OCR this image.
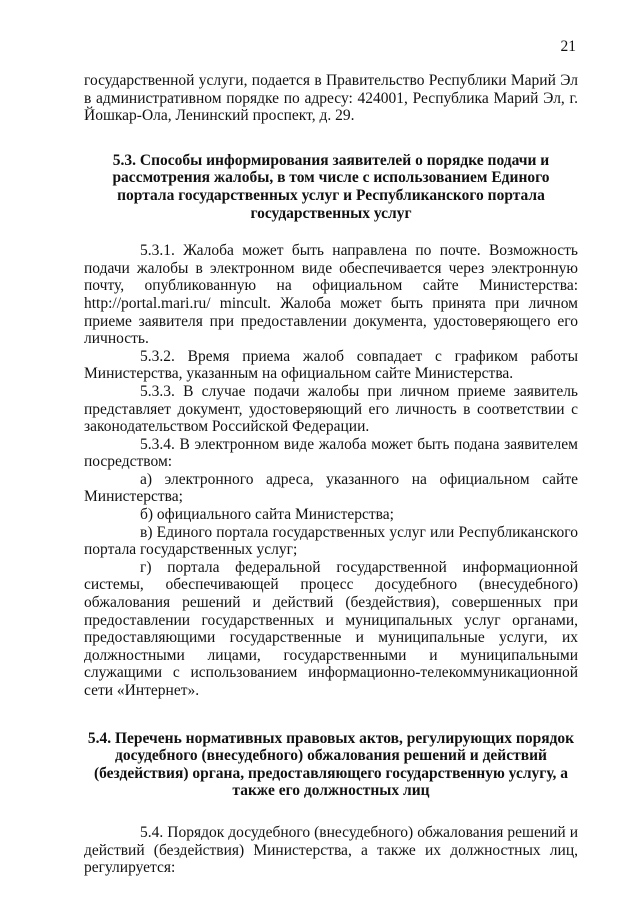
21

государственной услуги, подается в Правительство Республики Марий Эл в административном порядке по адресу: 424001, Республика Марий Эл, г. Йошкар-Ола, Ленинский проспект, д. 29.

5.3. Способы информирования заявителей о порядке подачи и рассмотрения жалобы, в том числе с использованием Единого портала государственных услуг и Республиканского портала государственных услуг

5.3.1. Жалоба может быть направлена по почте. Возможность подачи жалобы в электронном виде обеспечивается через электронную почту, опубликованную на официальном сайте Министерства: http://portal.mari.ru/ mincult. Жалоба может быть принята при личном приеме заявителя при предоставлении документа, удостоверяющего его личность.

5.3.2. Время приема жалоб совпадает с графиком работы Министерства, указанным на официальном сайте Министерства.

5.3.3. В случае подачи жалобы при личном приеме заявитель представляет документ, удостоверяющий его личность в соответствии с законодательством Российской Федерации.

5.3.4. В электронном виде жалоба может быть подана заявителем посредством:

а) электронного адреса, указанного на официальном сайте Министерства;

б) официального сайта Министерства;

в) Единого портала государственных услуг или Республиканского портала государственных услуг;

г) портала федеральной государственной информационной системы, обеспечивающей процесс досудебного (внесудебного) обжалования решений и действий (бездействия), совершенных при предоставлении государственных и муниципальных услуг органами, предоставляющими государственные и муниципальные услуги, их должностными лицами, государственными и муниципальными служащими с использованием информационно-телекоммуникационной сети «Интернет».

5.4. Перечень нормативных правовых актов, регулирующих порядок досудебного (внесудебного) обжалования решений и действий (бездействия) органа, предоставляющего государственную услугу, а также его должностных лиц

5.4. Порядок досудебного (внесудебного) обжалования решений и действий (бездействия) Министерства, а также их должностных лиц, регулируется:
